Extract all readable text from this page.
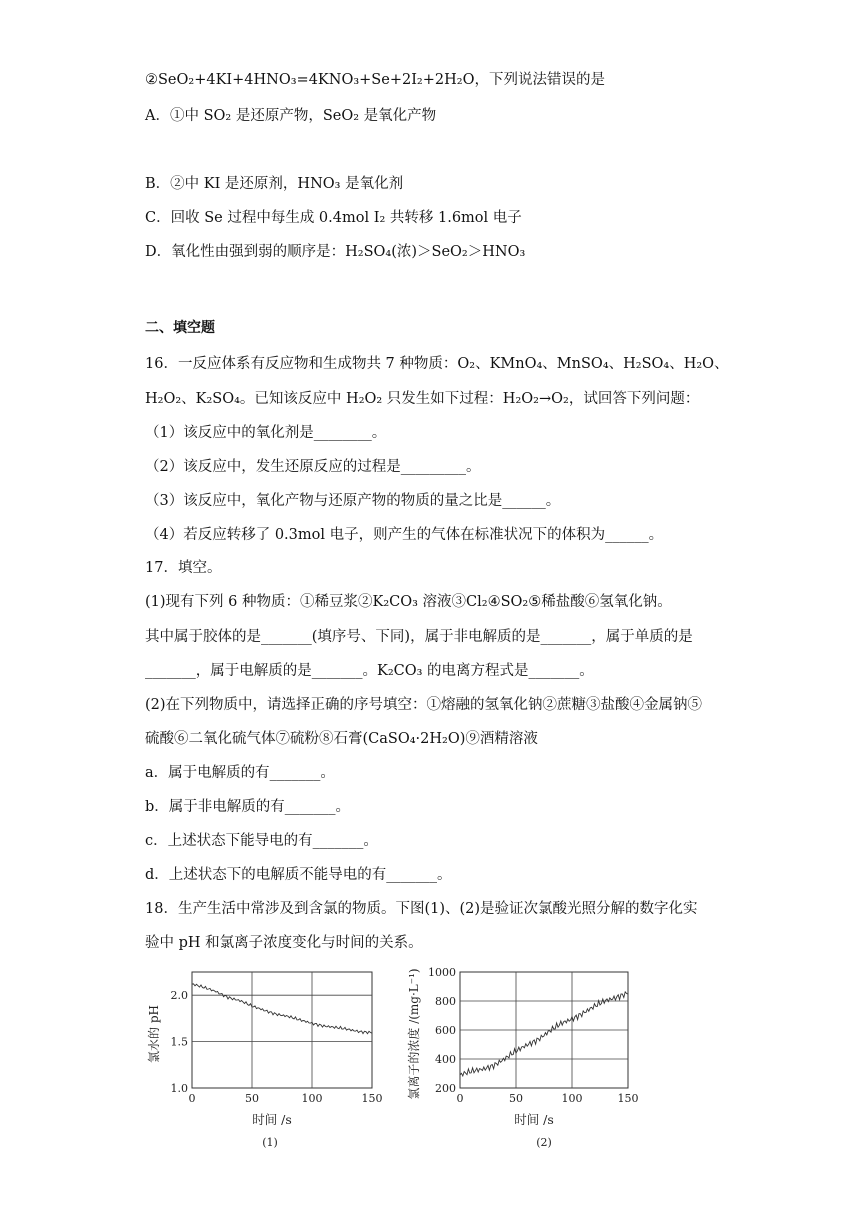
②SeO₂+4KI+4HNO₃=4KNO₃+Se+2I₂+2H₂O，下列说法错误的是
A．①中 SO₂ 是还原产物，SeO₂ 是氧化产物
B．②中 KI 是还原剂，HNO₃ 是氧化剂
C．回收 Se 过程中每生成 0.4mol I₂ 共转移 1.6mol 电子
D．氧化性由强到弱的顺序是：H₂SO₄(浓)＞SeO₂＞HNO₃
二、填空题
16．一反应体系有反应物和生成物共 7 种物质：O₂、KMnO₄、MnSO₄、H₂SO₄、H₂O、
H₂O₂、K₂SO₄。已知该反应中 H₂O₂ 只发生如下过程：H₂O₂→O₂，试回答下列问题：
（1）该反应中的氧化剂是________。
（2）该反应中，发生还原反应的过程是_________。
（3）该反应中，氧化产物与还原产物的物质的量之比是______。
（4）若反应转移了 0.3mol 电子，则产生的气体在标准状况下的体积为______。
17．填空。
(1)现有下列 6 种物质：①稀豆浆②K₂CO₃ 溶液③Cl₂④SO₂⑤稀盐酸⑥氢氧化钠。
其中属于胶体的是_______(填序号、下同)，属于非电解质的是_______，属于单质的是
_______，属于电解质的是_______。K₂CO₃ 的电离方程式是_______。
(2)在下列物质中，请选择正确的序号填空：①熔融的氢氧化钠②蔗糖③盐酸④金属钠⑤
硫酸⑥二氧化硫气体⑦硫粉⑧石膏(CaSO₄·2H₂O)⑨酒精溶液
a．属于电解质的有_______。
b．属于非电解质的有_______。
c．上述状态下能导电的有_______。
d．上述状态下的电解质不能导电的有_______。
18．生产生活中常涉及到含氯的物质。下图(1)、(2)是验证次氯酸光照分解的数字化实
验中 pH 和氯离子浓度变化与时间的关系。
1.0
1.5
2.0
0	50	100	150
时间 /s
氯水的 pH
(1)
200
400
600
800
1000
0	50	100	150
时间 /s
氯离子的浓度 /(mg·L⁻¹)
(2)
